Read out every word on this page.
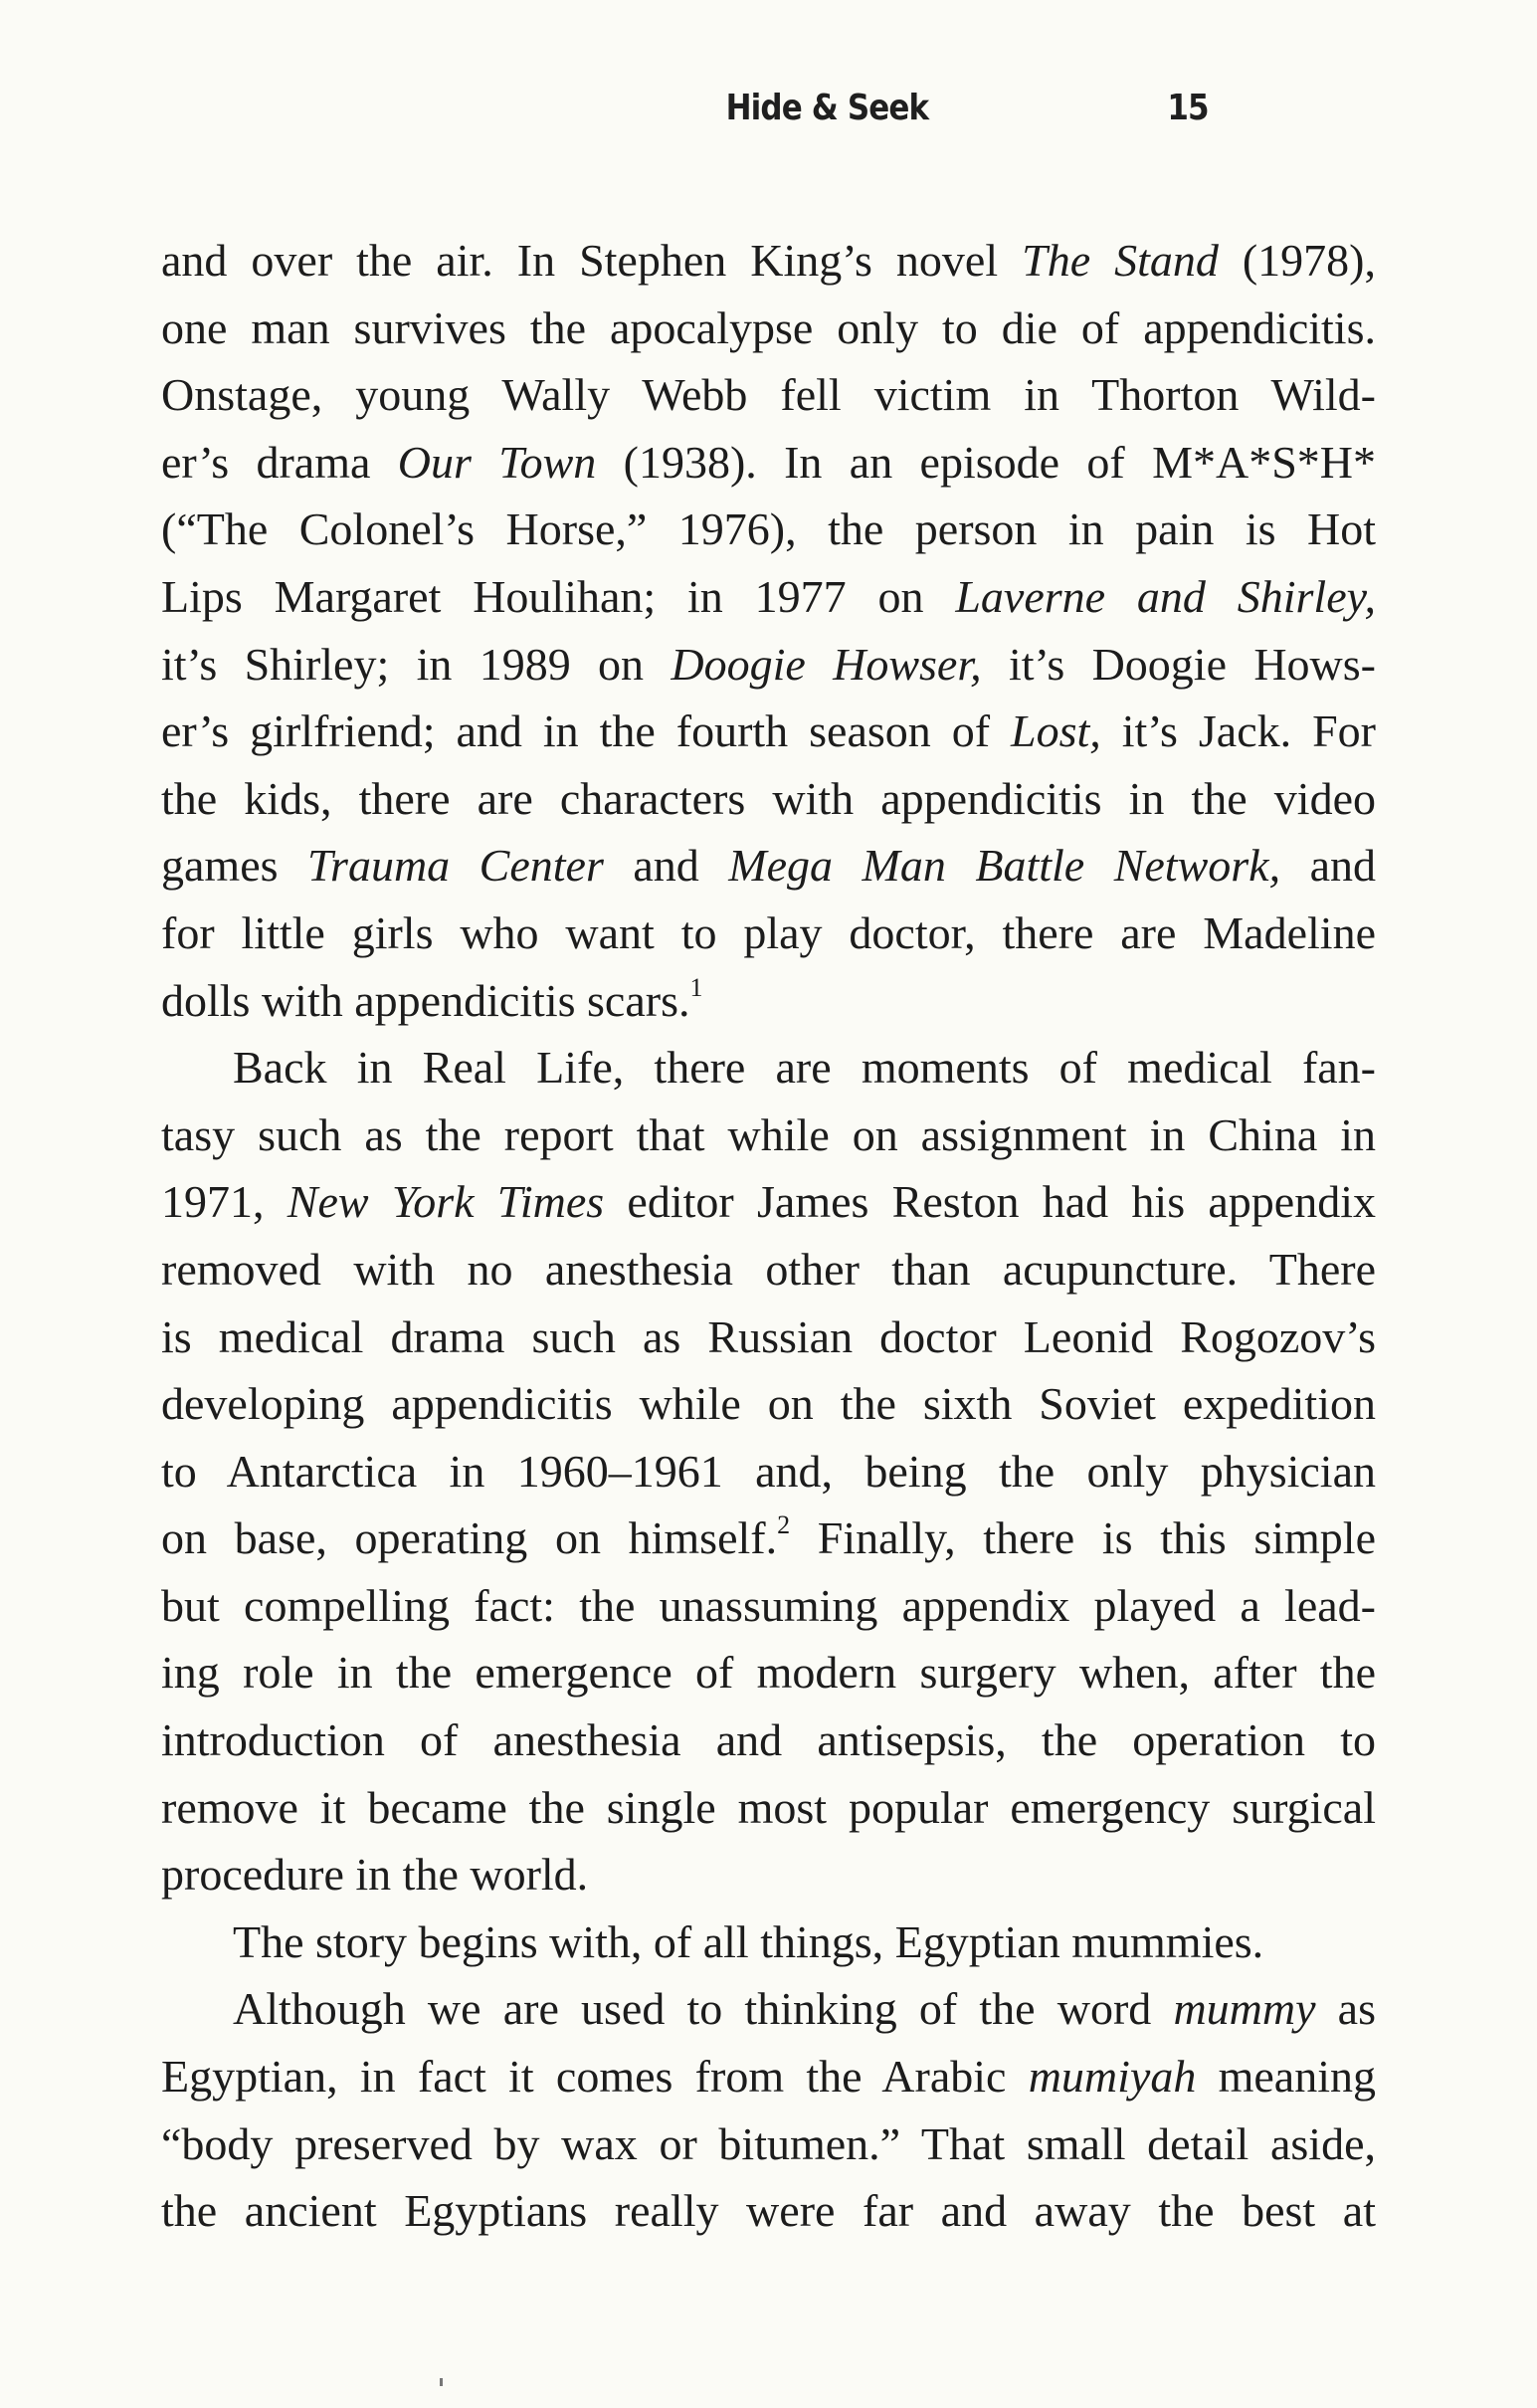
Hide & Seek	15
and over the air. In Stephen King’s novel The Stand (1978),
one man survives the apocalypse only to die of appendicitis.
Onstage, young Wally Webb fell victim in Thorton Wild-
er’s drama Our Town (1938). In an episode of M*A*S*H*
(“The Colonel’s Horse,” 1976), the person in pain is Hot
Lips Margaret Houlihan; in 1977 on Laverne and Shirley,
it’s Shirley; in 1989 on Doogie Howser, it’s Doogie Hows-
er’s girlfriend; and in the fourth season of Lost, it’s Jack. For
the kids, there are characters with appendicitis in the video
games Trauma Center and Mega Man Battle Network, and
for little girls who want to play doctor, there are Madeline
dolls with appendicitis scars.$^1$
Back in Real Life, there are moments of medical fan-
tasy such as the report that while on assignment in China in
1971, New York Times editor James Reston had his appendix
removed with no anesthesia other than acupuncture. There
is medical drama such as Russian doctor Leonid Rogozov’s
developing appendicitis while on the sixth Soviet expedition
to Antarctica in 1960–1961 and, being the only physician
on base, operating on himself.$^2$ Finally, there is this simple
but compelling fact: the unassuming appendix played a lead-
ing role in the emergence of modern surgery when, after the
introduction of anesthesia and antisepsis, the operation to
remove it became the single most popular emergency surgical
procedure in the world.
The story begins with, of all things, Egyptian mummies.
Although we are used to thinking of the word mummy as
Egyptian, in fact it comes from the Arabic mumiyah meaning
“body preserved by wax or bitumen.” That small detail aside,
the ancient Egyptians really were far and away the best at
